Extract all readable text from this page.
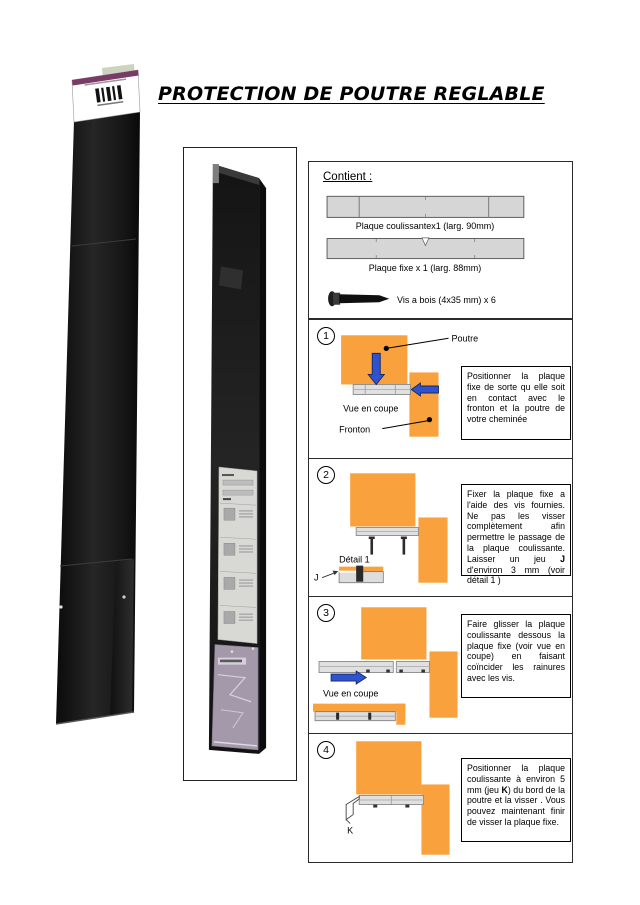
PROTECTION DE POUTRE REGLABLE
Contient :
Plaque coulissantex1 (larg. 90mm)
Plaque fixe x 1 (larg. 88mm)
Vis a bois (4x35 mm) x 6
1	Poutre
Vue en coupe
Fronton
Positionner la plaque fixe de sorte qu elle soit en contact avec le fronton et la poutre de votre cheminée
2
Détail 1
J
Fixer la plaque fixe a l'aide des vis fournies. Ne pas les visser complètement afin permettre le passage de la plaque coulissante. Laisser un jeu J d'environ 3 mm (voir détail 1 )
3
Vue en coupe
Faire glisser la plaque coulissante dessous la plaque fixe (voir vue en coupe) en faisant coïncider les rainures avec les vis.
4
K
Positionner la plaque coulissante à environ 5 mm (jeu K) du bord de la poutre et la visser . Vous pouvez maintenant finir de visser la plaque fixe.
